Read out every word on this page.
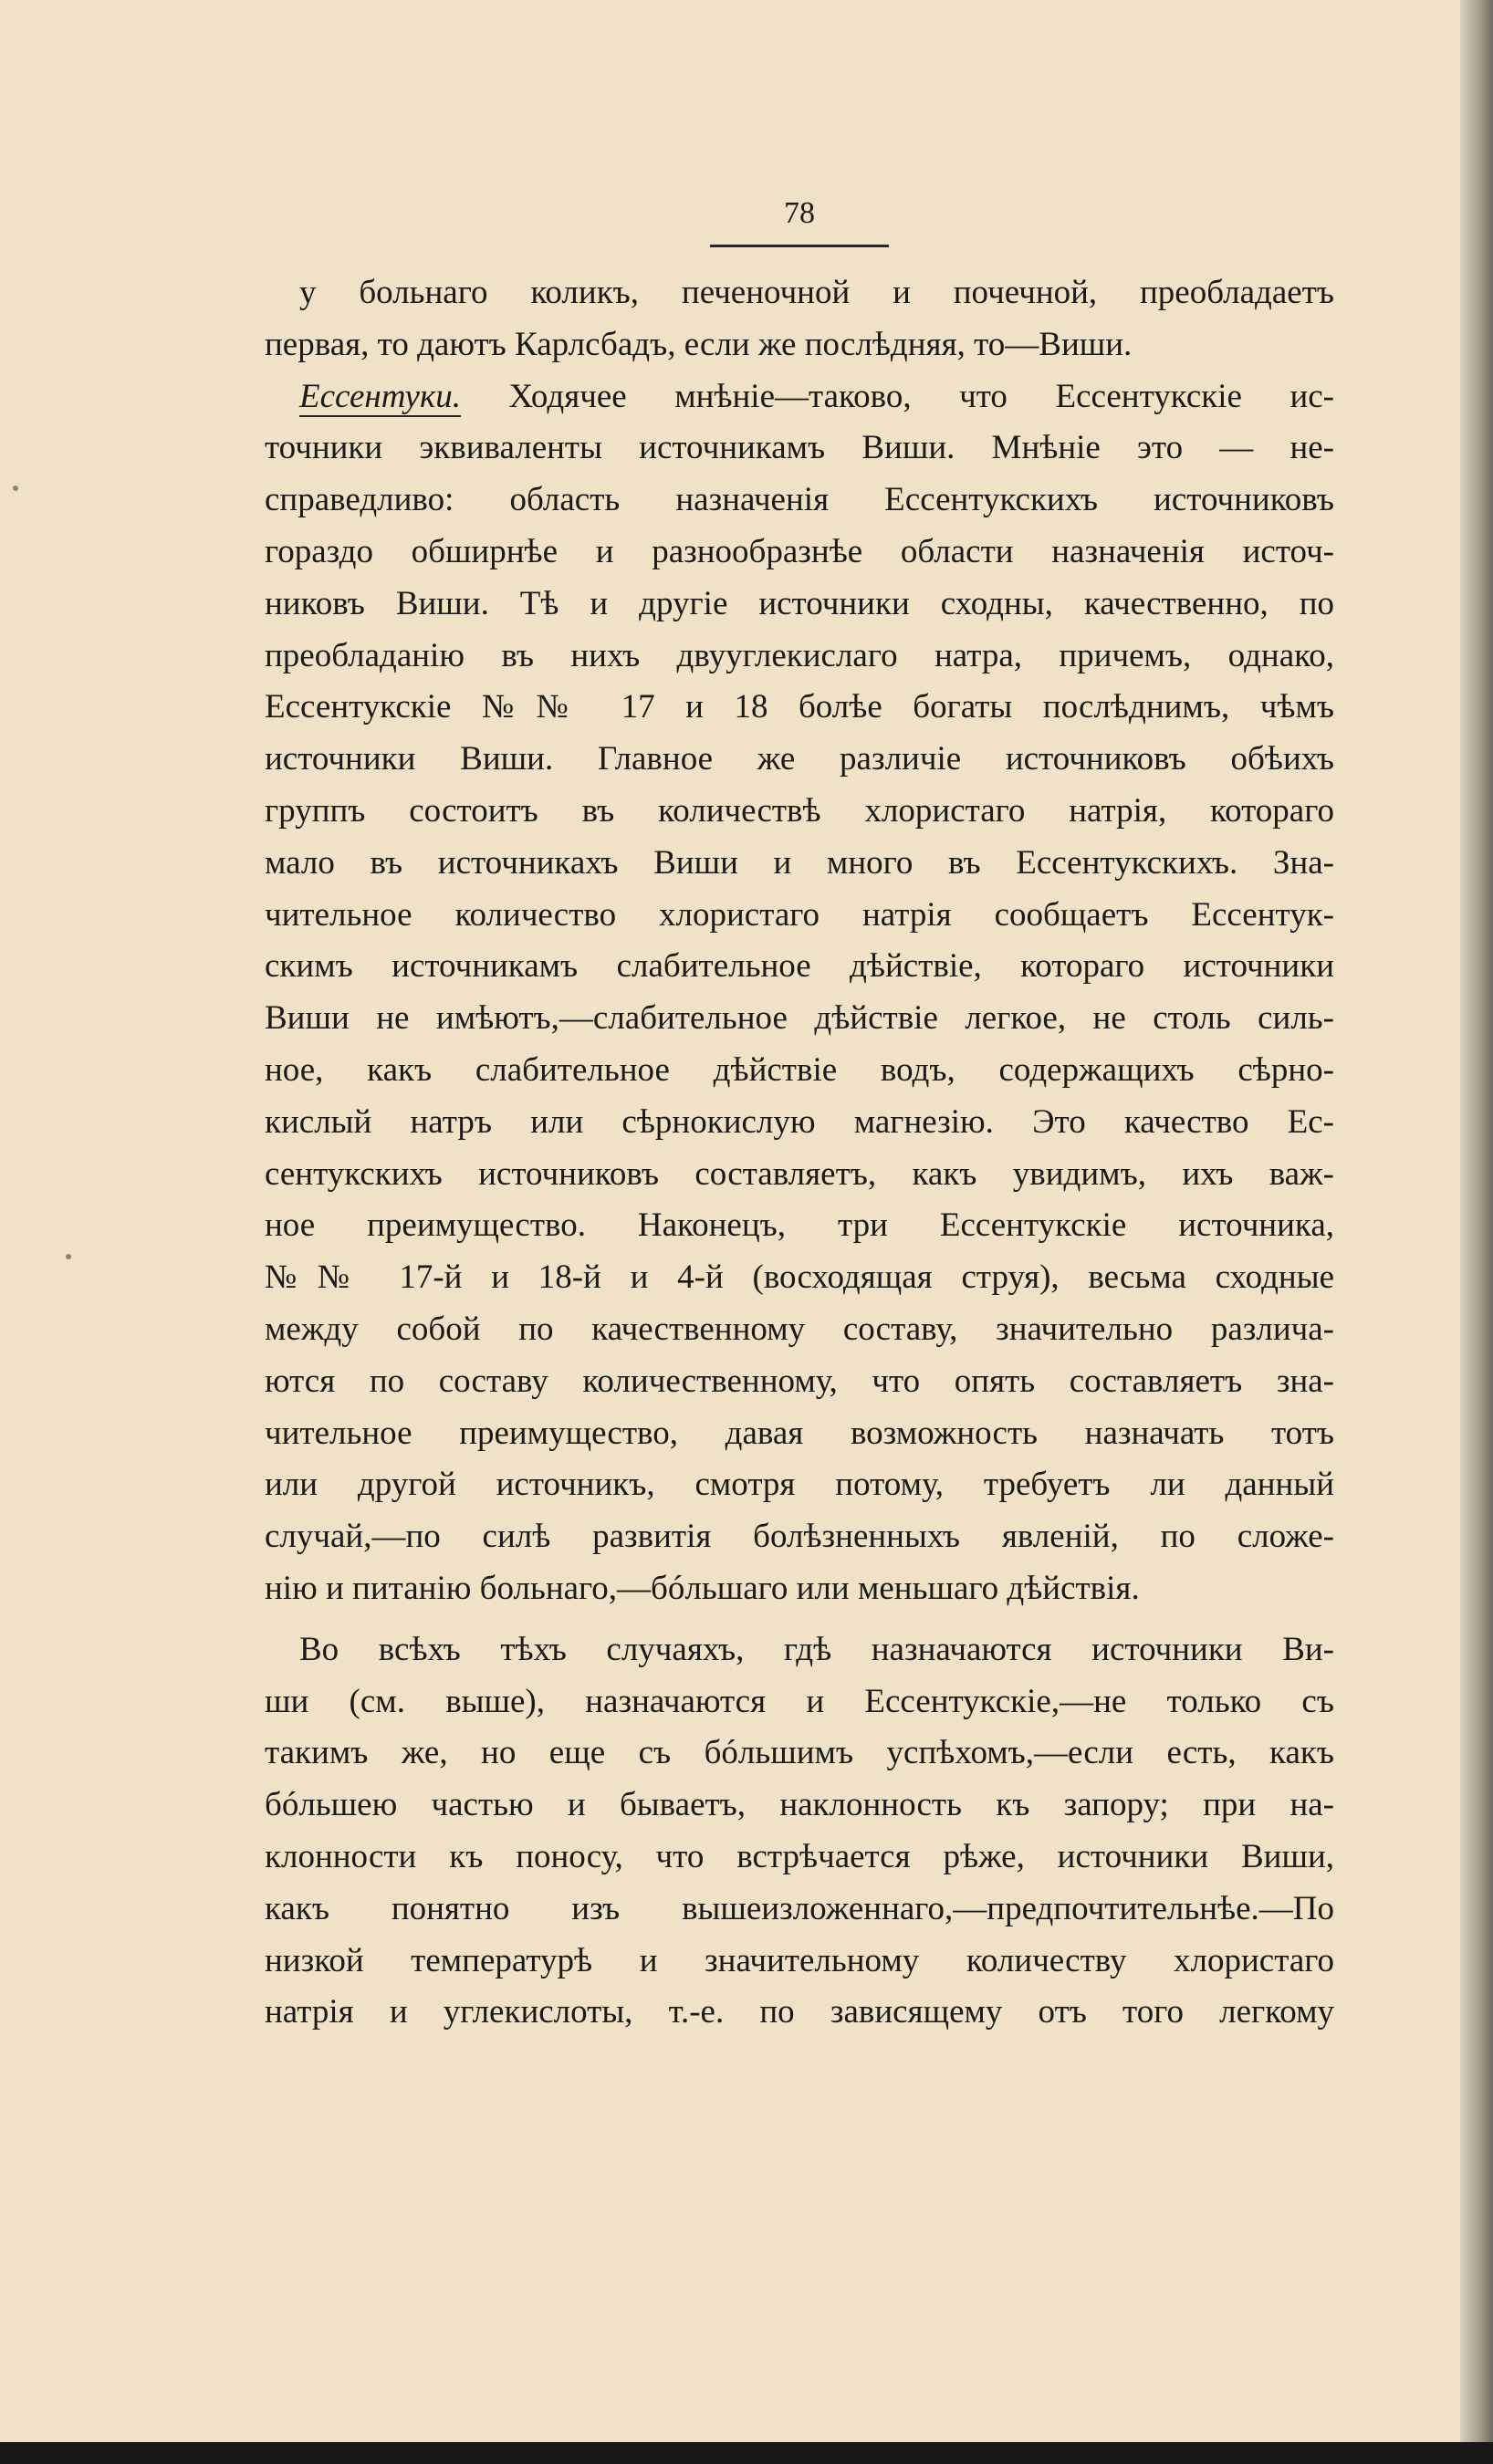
78
у больнаго коликъ, печеночной и почечной, преобладаетъ
первая, то даютъ Карлсбадъ, если же послѣдняя, то—Виши.
Ессентуки. Ходячее мнѣніе—таково, что Ессентукскіе ис-
точники эквиваленты источникамъ Виши. Мнѣніе это — не-
справедливо: область назначенія Ессентукскихъ источниковъ
гораздо обширнѣе и разнообразнѣе области назначенія источ-
никовъ Виши. Тѣ и другіе источники сходны, качественно, по
преобладанію въ нихъ двууглекислаго натра, причемъ, однако,
Ессентукскіе №№ 17 и 18 болѣе богаты послѣднимъ, чѣмъ
источники Виши. Главное же различіе источниковъ обѣихъ
группъ состоитъ въ количествѣ хлористаго натрія, котораго
мало въ источникахъ Виши и много въ Ессентукскихъ. Зна-
чительное количество хлористаго натрія сообщаетъ Ессентук-
скимъ источникамъ слабительное дѣйствіе, котораго источники
Виши не имѣютъ,—слабительное дѣйствіе легкое, не столь силь-
ное, какъ слабительное дѣйствіе водъ, содержащихъ сѣрно-
кислый натръ или сѣрнокислую магнезію. Это качество Ес-
сентукскихъ источниковъ составляетъ, какъ увидимъ, ихъ важ-
ное преимущество. Наконецъ, три Ессентукскіе источника,
№№ 17-й и 18-й и 4-й (восходящая струя), весьма сходные
между собой по качественному составу, значительно различа-
ются по составу количественному, что опять составляетъ зна-
чительное преимущество, давая возможность назначать тотъ
или другой источникъ, смотря потому, требуетъ ли данный
случай,—по силѣ развитія болѣзненныхъ явленій, по сложе-
нію и питанію больнаго,—бóльшаго или меньшаго дѣйствія.
Во всѣхъ тѣхъ случаяхъ, гдѣ назначаются источники Ви-
ши (см. выше), назначаются и Ессентукскіе,—не только съ
такимъ же, но еще съ бóльшимъ успѣхомъ,—если есть, какъ
бóльшею частью и бываетъ, наклонность къ запору; при на-
клонности къ поносу, что встрѣчается рѣже, источники Виши,
какъ понятно изъ вышеизложеннаго,—предпочтительнѣе.—По
низкой температурѣ и значительному количеству хлористаго
натрія и углекислоты, т.-е. по зависящему отъ того легкому
